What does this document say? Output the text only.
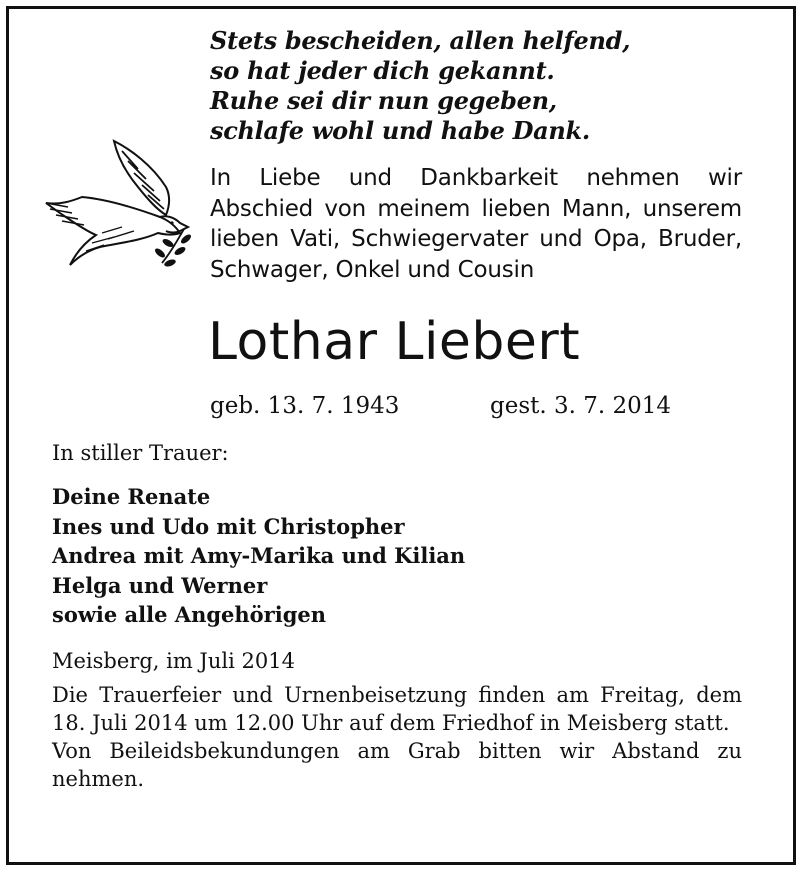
Stets bescheiden, allen helfend,
so hat jeder dich gekannt.
Ruhe sei dir nun gegeben,
schlafe wohl und habe Dank.
In Liebe und Dankbarkeit nehmen wir Abschied von meinem lieben Mann, unserem lieben Vati, Schwiegervater und Opa, Bruder, Schwager, Onkel und Cousin
Lothar Liebert
geb. 13. 7. 1943	gest. 3. 7. 2014
In stiller Trauer:
Deine Renate
Ines und Udo mit Christopher
Andrea mit Amy-Marika und Kilian
Helga und Werner
sowie alle Angehörigen
Meisberg, im Juli 2014

Die Trauerfeier und Urnenbeisetzung finden am Freitag, dem 18. Juli 2014 um 12.00 Uhr auf dem Friedhof in Meisberg statt.

Von Beileidsbekundungen am Grab bitten wir Abstand zu nehmen.
